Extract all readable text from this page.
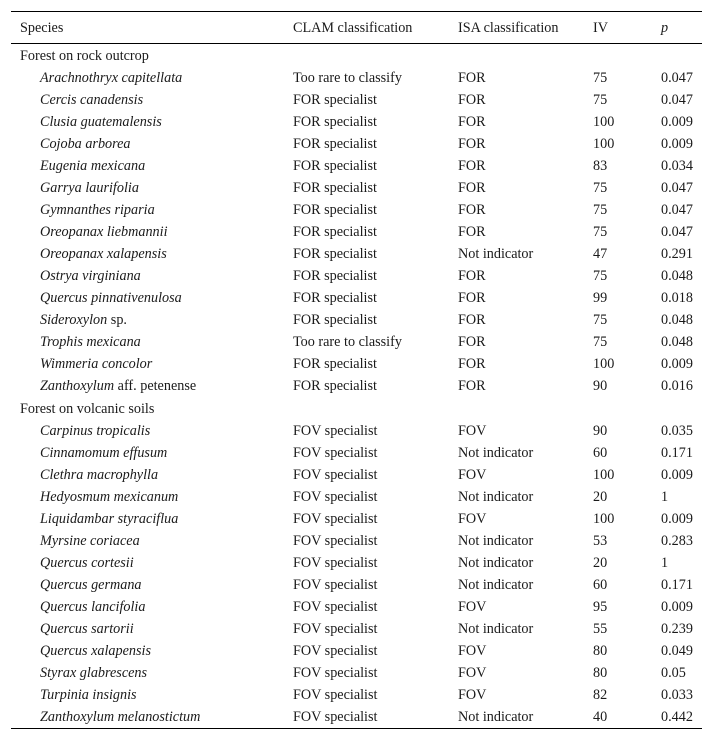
Species	CLAM classification	ISA classification	IV	p
Forest on rock outcrop				
Arachnothryx capitellata	Too rare to classify	FOR	75	0.047
Cercis canadensis	FOR specialist	FOR	75	0.047
Clusia guatemalensis	FOR specialist	FOR	100	0.009
Cojoba arborea	FOR specialist	FOR	100	0.009
Eugenia mexicana	FOR specialist	FOR	83	0.034
Garrya laurifolia	FOR specialist	FOR	75	0.047
Gymnanthes riparia	FOR specialist	FOR	75	0.047
Oreopanax liebmannii	FOR specialist	FOR	75	0.047
Oreopanax xalapensis	FOR specialist	Not indicator	47	0.291
Ostrya virginiana	FOR specialist	FOR	75	0.048
Quercus pinnativenulosa	FOR specialist	FOR	99	0.018
Sideroxylon sp.	FOR specialist	FOR	75	0.048
Trophis mexicana	Too rare to classify	FOR	75	0.048
Wimmeria concolor	FOR specialist	FOR	100	0.009
Zanthoxylum aff. petenense	FOR specialist	FOR	90	0.016
Forest on volcanic soils				
Carpinus tropicalis	FOV specialist	FOV	90	0.035
Cinnamomum effusum	FOV specialist	Not indicator	60	0.171
Clethra macrophylla	FOV specialist	FOV	100	0.009
Hedyosmum mexicanum	FOV specialist	Not indicator	20	1
Liquidambar styraciflua	FOV specialist	FOV	100	0.009
Myrsine coriacea	FOV specialist	Not indicator	53	0.283
Quercus cortesii	FOV specialist	Not indicator	20	1
Quercus germana	FOV specialist	Not indicator	60	0.171
Quercus lancifolia	FOV specialist	FOV	95	0.009
Quercus sartorii	FOV specialist	Not indicator	55	0.239
Quercus xalapensis	FOV specialist	FOV	80	0.049
Styrax glabrescens	FOV specialist	FOV	80	0.05
Turpinia insignis	FOV specialist	FOV	82	0.033
Zanthoxylum melanostictum	FOV specialist	Not indicator	40	0.442
